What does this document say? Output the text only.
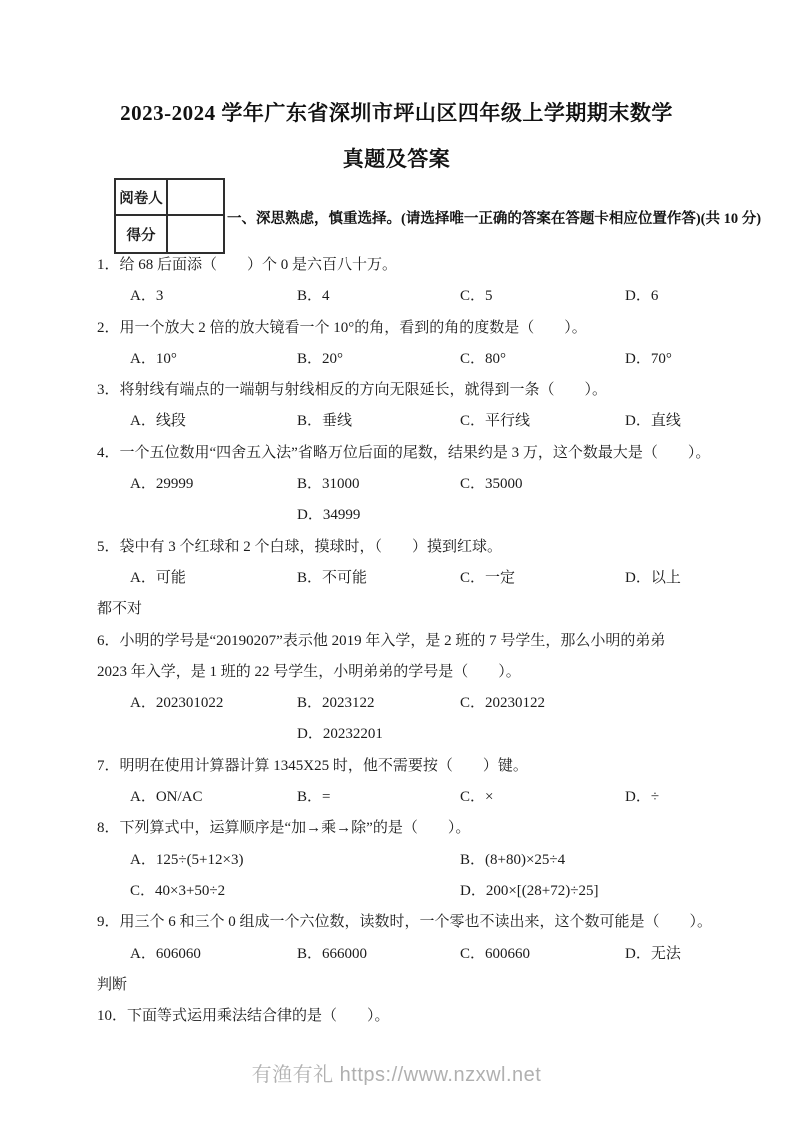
2023-2024 学年广东省深圳市坪山区四年级上学期期末数学
真题及答案
阅卷人
得分
一、深思熟虑，慎重选择。(请选择唯一正确的答案在答题卡相应位置作答)(共 10 分)
1．给 68 后面添（　　）个 0 是六百八十万。
A．3	B．4	C．5	D．6
2．用一个放大 2 倍的放大镜看一个 10°的角，看到的角的度数是（　　）。
A．10°	B．20°	C．80°	D．70°
3．将射线有端点的一端朝与射线相反的方向无限延长，就得到一条（　　）。
A．线段	B．垂线	C．平行线	D．直线
4．一个五位数用“四舍五入法”省略万位后面的尾数，结果约是 3 万，这个数最大是（　　）。
A．29999	B．31000	C．35000
D．34999
5．袋中有 3 个红球和 2 个白球，摸球时，（　　）摸到红球。
A．可能	B．不可能	C．一定	D．以上
都不对
6．小明的学号是“20190207”表示他 2019 年入学，是 2 班的 7 号学生，那么小明的弟弟
2023 年入学，是 1 班的 22 号学生，小明弟弟的学号是（　　）。
A．202301022	B．2023122	C．20230122
D．20232201
7．明明在使用计算器计算 1345X25 时，他不需要按（　　）键。
A．ON/AC	B．=	C．×	D．÷
8．下列算式中，运算顺序是“加→乘→除”的是（　　）。
A．125÷(5+12×3)	B．(8+80)×25÷4
C．40×3+50÷2	D．200×[(28+72)÷25]
9．用三个 6 和三个 0 组成一个六位数，读数时，一个零也不读出来，这个数可能是（　　）。
A．606060	B．666000	C．600660	D．无法
判断
10．下面等式运用乘法结合律的是（　　）。
有渔有礼 https://www.nzxwl.net
